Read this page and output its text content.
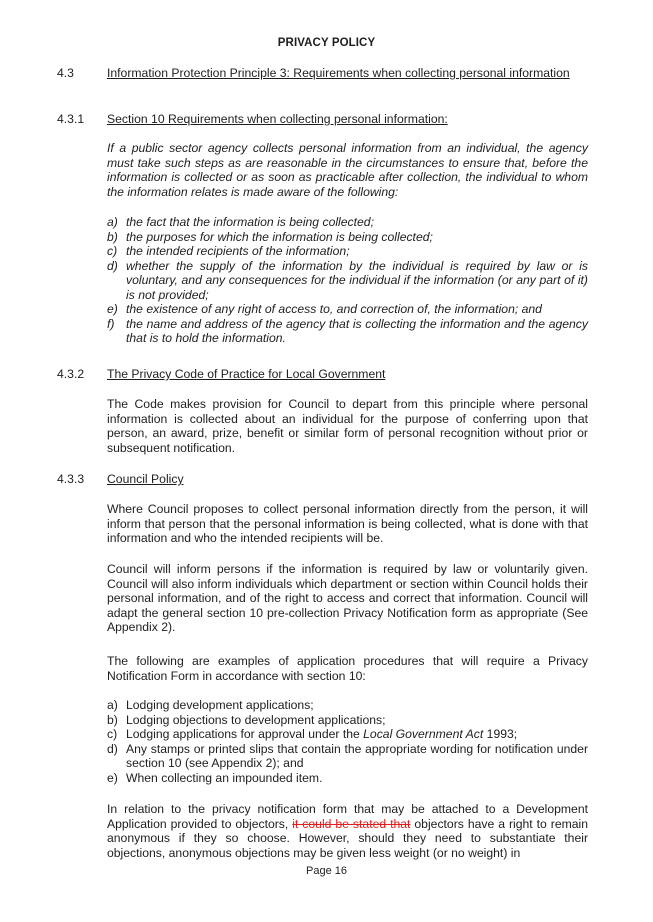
PRIVACY POLICY
4.3	Information Protection Principle 3: Requirements when collecting personal information
4.3.1 Section 10 Requirements when collecting personal information:
If a public sector agency collects personal information from an individual, the agency must take such steps as are reasonable in the circumstances to ensure that, before the information is collected or as soon as practicable after collection, the individual to whom the information relates is made aware of the following:
a) the fact that the information is being collected;
b) the purposes for which the information is being collected;
c) the intended recipients of the information;
d) whether the supply of the information by the individual is required by law or is voluntary, and any consequences for the individual if the information (or any part of it) is not provided;
e) the existence of any right of access to, and correction of, the information; and
f) the name and address of the agency that is collecting the information and the agency that is to hold the information.
4.3.2 The Privacy Code of Practice for Local Government
The Code makes provision for Council to depart from this principle where personal information is collected about an individual for the purpose of conferring upon that person, an award, prize, benefit or similar form of personal recognition without prior or subsequent notification.
4.3.3 Council Policy
Where Council proposes to collect personal information directly from the person, it will inform that person that the personal information is being collected, what is done with that information and who the intended recipients will be.
Council will inform persons if the information is required by law or voluntarily given. Council will also inform individuals which department or section within Council holds their personal information, and of the right to access and correct that information. Council will adapt the general section 10 pre-collection Privacy Notification form as appropriate (See Appendix 2).
The following are examples of application procedures that will require a Privacy Notification Form in accordance with section 10:
a) Lodging development applications;
b) Lodging objections to development applications;
c) Lodging applications for approval under the Local Government Act 1993;
d) Any stamps or printed slips that contain the appropriate wording for notification under section 10 (see Appendix 2); and
e) When collecting an impounded item.
In relation to the privacy notification form that may be attached to a Development Application provided to objectors, it could be stated that objectors have a right to remain anonymous if they so choose. However, should they need to substantiate their objections, anonymous objections may be given less weight (or no weight) in
Page 16
